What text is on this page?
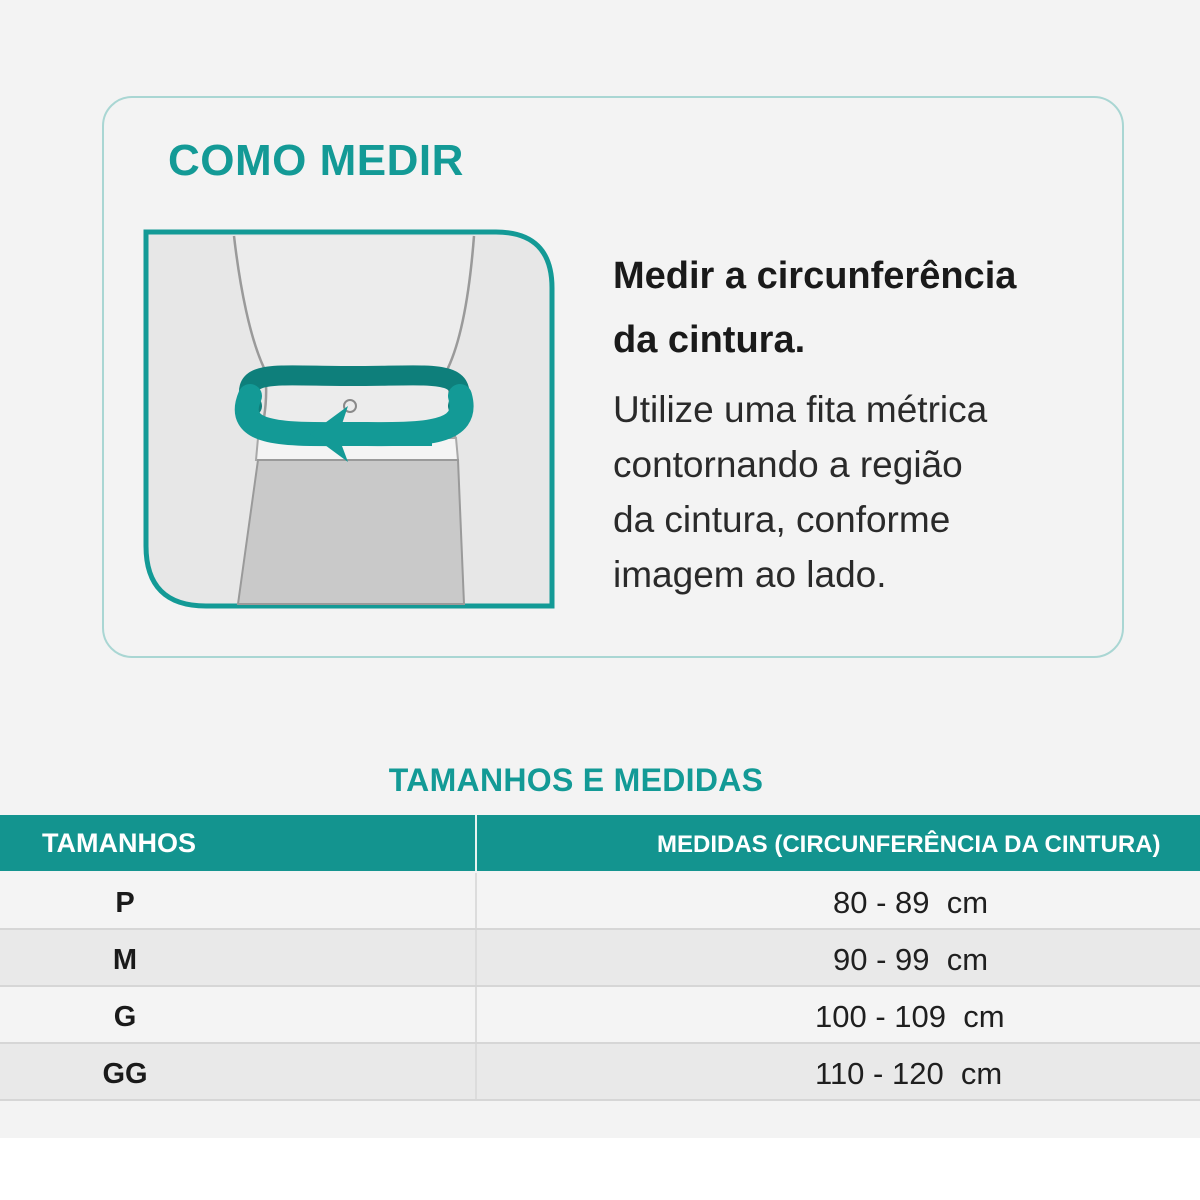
COMO MEDIR
Medir a circunferência
da cintura.
Utilize uma fita métrica
contornando a região
da cintura, conforme
imagem ao lado.
TAMANHOS E MEDIDAS
TAMANHOS	MEDIDAS (CIRCUNFERÊNCIA DA CINTURA)
P	80 - 89  cm
M	90 - 99  cm
G	100 - 109  cm
GG	110 - 120  cm
